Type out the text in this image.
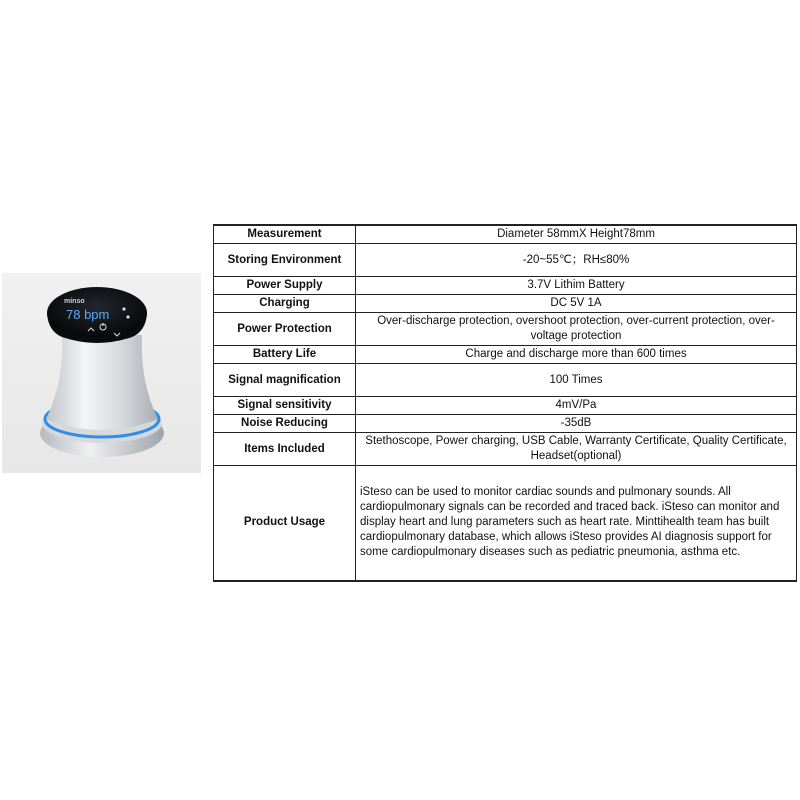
minso
78 bpm
Measurement	Diameter 58mmX Height78mm
Storing Environment	-20~55℃；RH≤80%
Power Supply	3.7V Lithim Battery
Charging	DC 5V 1A
Power Protection	Over-discharge protection, overshoot protection, over-current protection, over-voltage protection
Battery Life	Charge and discharge more than 600 times
Signal magnification	100 Times
Signal sensitivity	4mV/Pa
Noise Reducing	-35dB
Items Included	Stethoscope, Power charging, USB Cable, Warranty Certificate, Quality Certificate, Headset(optional)
Product Usage	iSteso can be used to monitor cardiac sounds and pulmonary sounds. All cardiopulmonary signals can be recorded and traced back. iSteso can monitor and display heart and lung parameters such as heart rate. Minttihealth team has built cardiopulmonary database, which allows iSteso provides AI diagnosis support for some cardiopulmonary diseases such as pediatric pneumonia, asthma etc.
